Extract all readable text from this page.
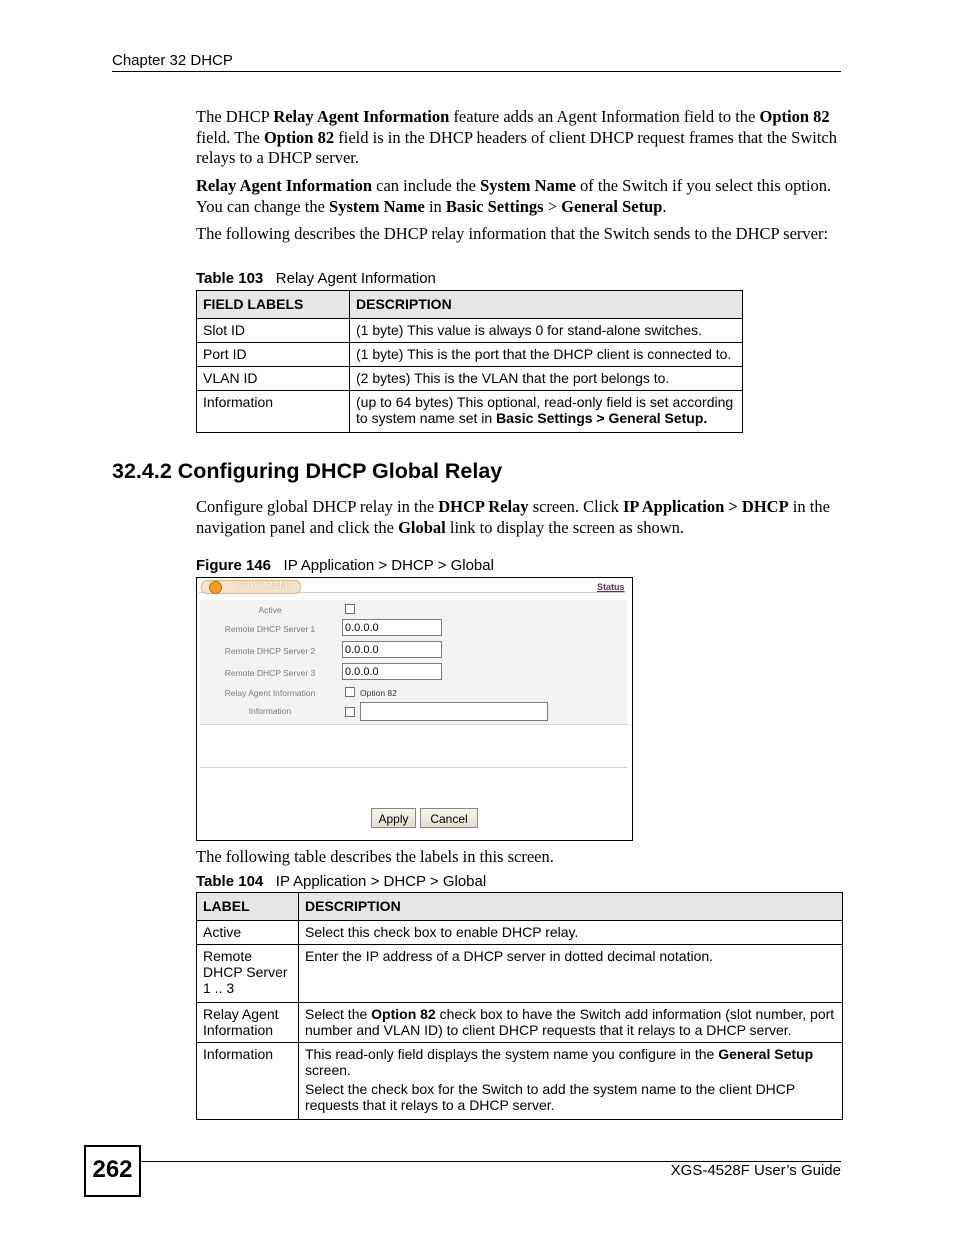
Chapter 32 DHCP
The DHCP Relay Agent Information feature adds an Agent Information field to the Option 82 field. The Option 82 field is in the DHCP headers of client DHCP request frames that the Switch relays to a DHCP server.
Relay Agent Information can include the System Name of the Switch if you select this option. You can change the System Name in Basic Settings > General Setup.
The following describes the DHCP relay information that the Switch sends to the DHCP server:
Table 103 Relay Agent Information
FIELD LABELS	DESCRIPTION
Slot ID	(1 byte) This value is always 0 for stand-alone switches.
Port ID	(1 byte) This is the port that the DHCP client is connected to.
VLAN ID	(2 bytes) This is the VLAN that the port belongs to.
Information	(up to 64 bytes) This optional, read-only field is set according to system name set in Basic Settings > General Setup.
32.4.2 Configuring DHCP Global Relay
Configure global DHCP relay in the DHCP Relay screen. Click IP Application > DHCP in the navigation panel and click the Global link to display the screen as shown.
Figure 146 IP Application > DHCP > Global
DHCP Relay	Status
Active
Remote DHCP Server 1	0.0.0.0
Remote DHCP Server 2	0.0.0.0
Remote DHCP Server 3	0.0.0.0
Relay Agent Information	Option 82
Information
Apply	Cancel
The following table describes the labels in this screen.
Table 104 IP Application > DHCP > Global
LABEL	DESCRIPTION
Active	Select this check box to enable DHCP relay.
Remote DHCP Server 1 .. 3	Enter the IP address of a DHCP server in dotted decimal notation.
Relay Agent Information	Select the Option 82 check box to have the Switch add information (slot number, port number and VLAN ID) to client DHCP requests that it relays to a DHCP server.
Information	This read-only field displays the system name you configure in the General Setup screen.
Select the check box for the Switch to add the system name to the client DHCP requests that it relays to a DHCP server.
262	XGS-4528F User’s Guide
